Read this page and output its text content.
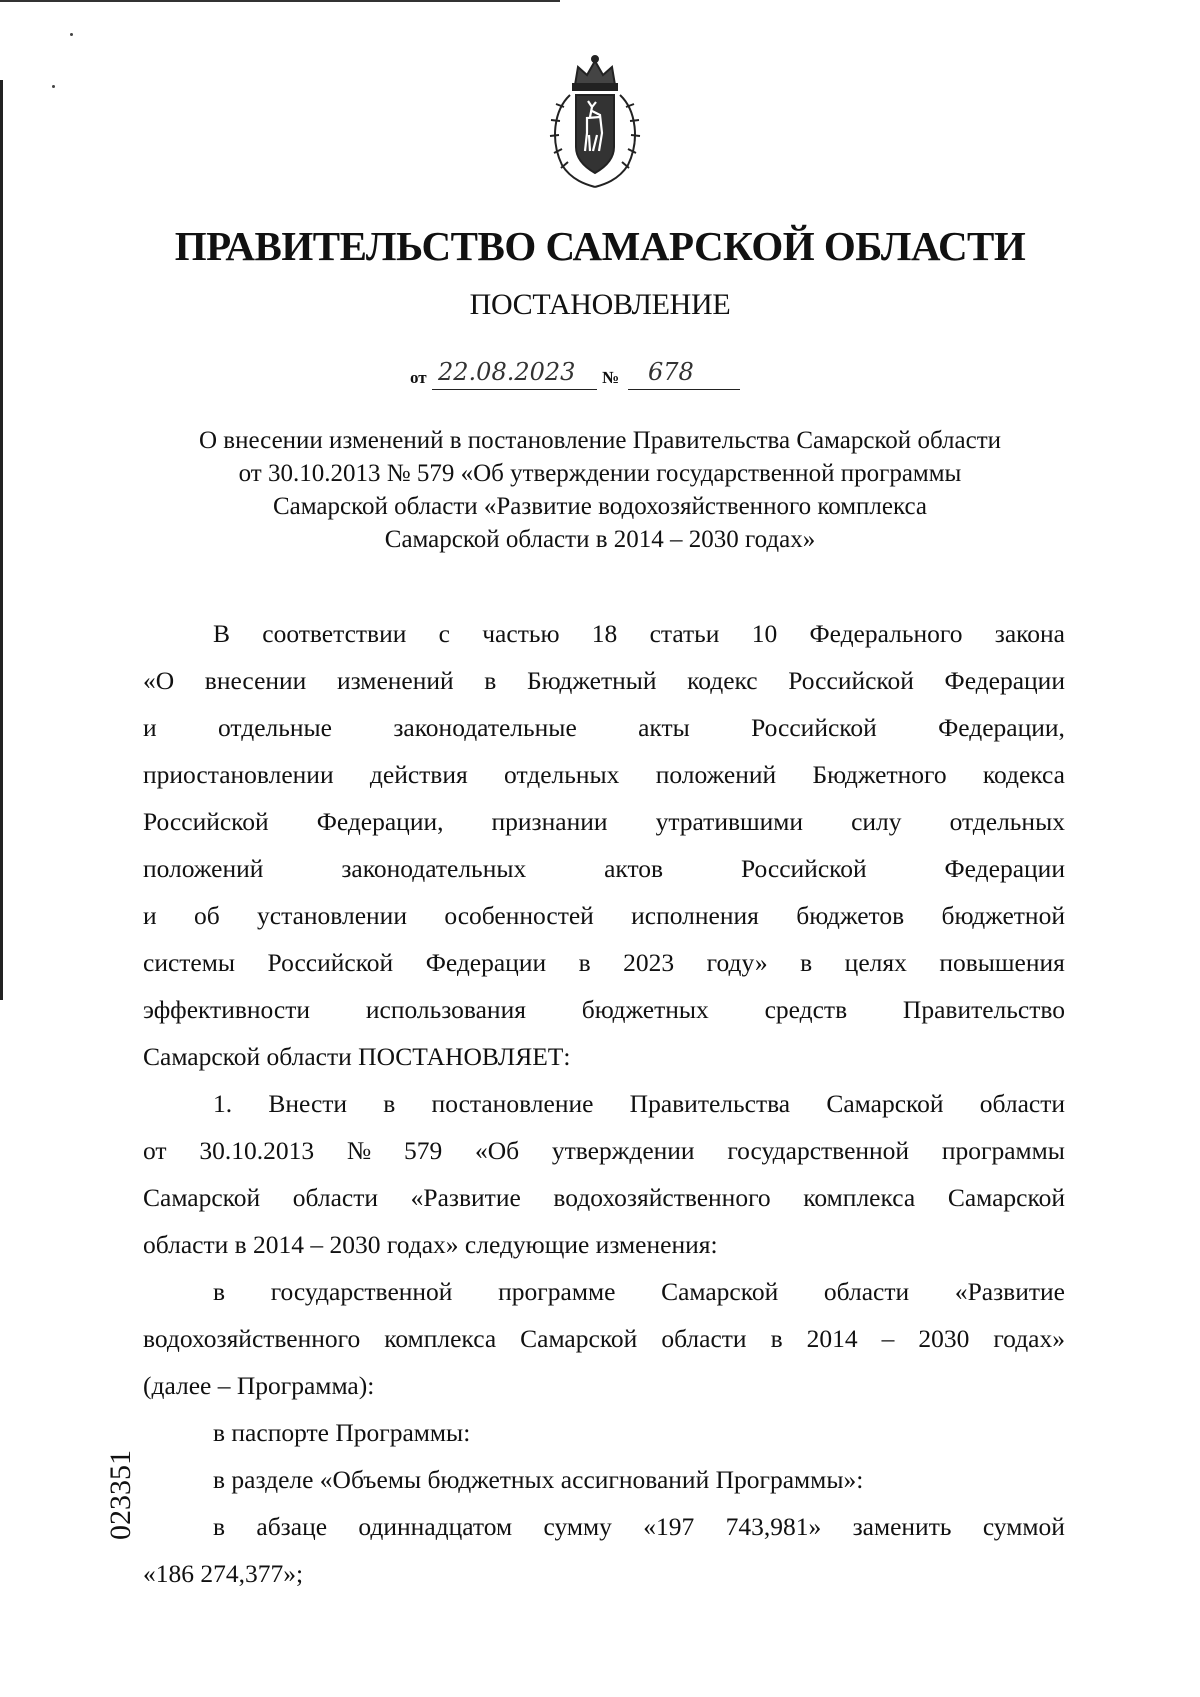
ПРАВИТЕЛЬСТВО САМАРСКОЙ ОБЛАСТИ
ПОСТАНОВЛЕНИЕ
от 22.08.2023 № 678
О внесении изменений в постановление Правительства Самарской области
от 30.10.2013 № 579 «Об утверждении государственной программы
Самарской области «Развитие водохозяйственного комплекса
Самарской области в 2014 – 2030 годах»
В соответствии с частью 18 статьи 10 Федерального закона
«О внесении изменений в Бюджетный кодекс Российской Федерации
и отдельные законодательные акты Российской Федерации,
приостановлении действия отдельных положений Бюджетного кодекса
Российской Федерации, признании утратившими силу отдельных
положений	законодательных	актов	Российской	Федерации
и об установлении особенностей исполнения бюджетов бюджетной
системы Российской Федерации в 2023 году» в целях повышения
эффективности использования бюджетных средств Правительство
Самарской области ПОСТАНОВЛЯЕТ:
1. Внести в постановление Правительства Самарской области
от 30.10.2013 № 579 «Об утверждении государственной программы
Самарской области «Развитие водохозяйственного комплекса Самарской
области в 2014 – 2030 годах» следующие изменения:
в государственной программе Самарской области «Развитие
водохозяйственного комплекса Самарской области в 2014 – 2030 годах»
(далее – Программа):
в паспорте Программы:
в разделе «Объемы бюджетных ассигнований Программы»:
в абзаце одиннадцатом сумму «197 743,981» заменить суммой
«186 274,377»;
023351
